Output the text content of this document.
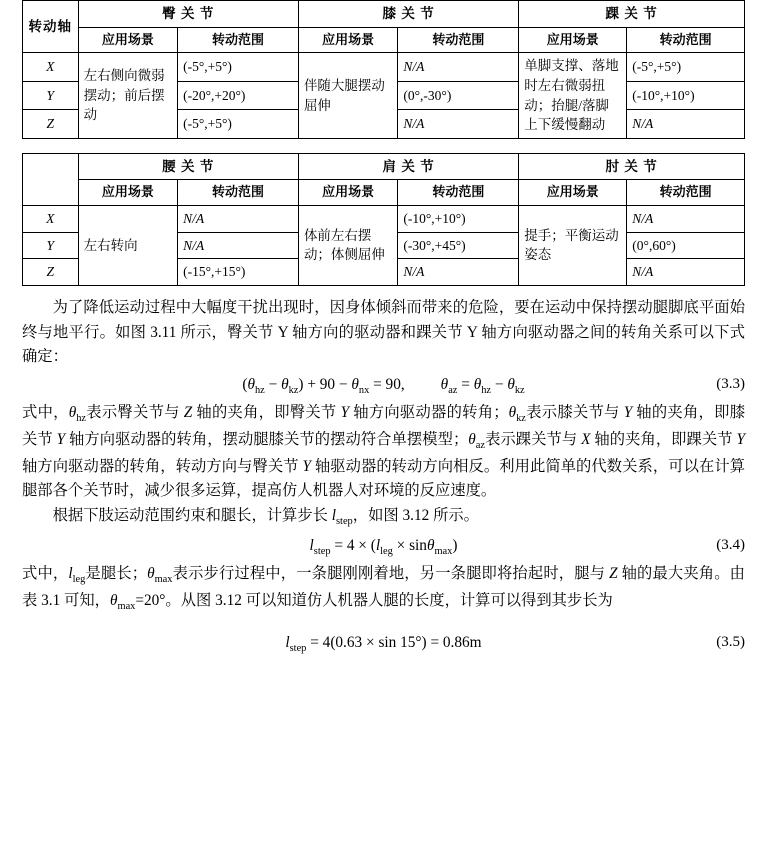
转动轴	臀 关 节		膝 关 节		踝 关 节	
	应用场景	转动范围	应用场景	转动范围	应用场景	转动范围
X	左右侧向微弱摆动；前后摆动	(-5°,+5°)	伴随大腿摆动屈伸	N/A	单脚支撑、落地时左右微弱扭动；抬腿/落脚上下缓慢翻动	(-5°,+5°)
Y		(-20°,+20°)		(0°,-30°)		(-10°,+10°)
Z		(-5°,+5°)		N/A		N/A
	腰 关 节		肩 关 节		肘 关 节	
	应用场景	转动范围	应用场景	转动范围	应用场景	转动范围
X	左右转向	N/A	体前左右摆动；体侧屈伸	(-10°,+10°)	提手；平衡运动姿态	N/A
Y		N/A		(-30°,+45°)		(0°,60°)
Z		(-15°,+15°)		N/A		N/A

为了降低运动过程中大幅度干扰出现时，因身体倾斜而带来的危险，要在运动中保持摆动腿脚底平面始终与地平行。如图 3.11 所示，臀关节 Y 轴方向的驱动器和踝关节 Y 轴方向驱动器之间的转角关系可以下式确定：

$(\theta_{hz} - \theta_{kz}) + 90 - \theta_{nx} = 90$, $\theta_{az} = \theta_{hz} - \theta_{kz}$	(3.3)

式中，$\theta_{hz}$表示臀关节与 Z 轴的夹角，即臀关节 Y 轴方向驱动器的转角；$\theta_{kz}$表示膝关节与 Y 轴的夹角，即膝关节 Y 轴方向驱动器的转角，摆动腿膝关节的摆动符合单摆模型；$\theta_{az}$表示踝关节与 X 轴的夹角，即踝关节 Y 轴方向驱动器的转角，转动方向与臀关节 Y 轴驱动器的转动方向相反。利用此简单的代数关系，可以在计算腿部各个关节时，减少很多运算，提高仿人机器人对环境的反应速度。

根据下肢运动范围约束和腿长，计算步长 $l_{step}$，如图 3.12 所示。

$l_{step} = 4 \times (l_{leg} \times \sin\theta_{max})$	(3.4)

式中，$l_{leg}$是腿长；$\theta_{max}$表示步行过程中，一条腿刚刚着地，另一条腿即将抬起时，腿与 Z 轴的最大夹角。由表 3.1 可知，$\theta_{max}=20^\circ$。从图 3.12 可以知道仿人机器人腿的长度，计算可以得到其步长为

$l_{step} = 4(0.63 \times \sin 15^\circ) = 0.86m$	(3.5)
